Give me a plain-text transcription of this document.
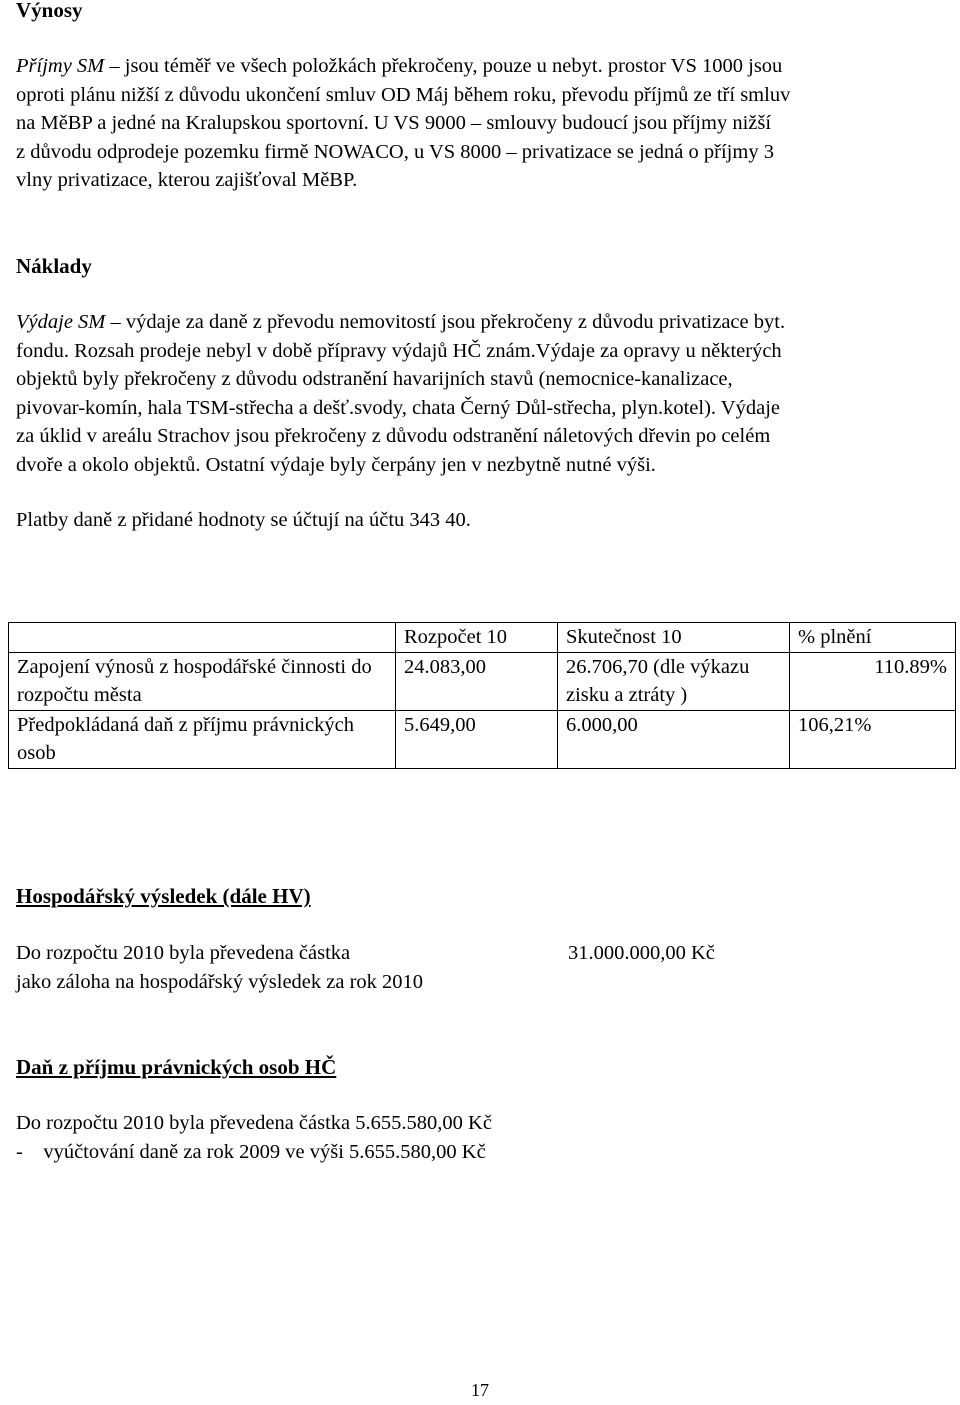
Výnosy

Příjmy SM – jsou téměř ve všech položkách překročeny, pouze u nebyt. prostor VS 1000 jsou

oproti plánu nižší z důvodu ukončení smluv OD Máj během roku, převodu příjmů ze tří smluv

na MěBP a jedné na Kralupskou sportovní. U VS 9000 – smlouvy budoucí jsou příjmy nižší

z důvodu odprodeje pozemku firmě NOWACO, u VS 8000 – privatizace se jedná o příjmy 3

vlny privatizace, kterou zajišťoval MěBP.

Náklady

Výdaje SM – výdaje za daně z převodu nemovitostí jsou překročeny z důvodu privatizace byt.

fondu. Rozsah prodeje nebyl v době přípravy výdajů HČ znám.Výdaje za opravy u některých

objektů byly překročeny z důvodu odstranění havarijních stavů (nemocnice-kanalizace,

pivovar-komín, hala TSM-střecha a dešť.svody, chata Černý Důl-střecha, plyn.kotel). Výdaje

za úklid v areálu Strachov jsou překročeny z důvodu odstranění náletových dřevin po celém

dvoře a okolo objektů. Ostatní výdaje byly čerpány jen v nezbytně nutné výši.

Platby daně z přidané hodnoty se účtují na účtu 343 40.

	Rozpočet 10	Skutečnost 10	% plnění
Zapojení výnosů z hospodářské činnosti do rozpočtu města	24.083,00	26.706,70 (dle výkazu zisku a ztráty )	110.89%
Předpokládaná daň z příjmu právnických osob	5.649,00	6.000,00	106,21%
Hospodářský výsledek (dále HV)

Do rozpočtu 2010 byla převedena částka

jako záloha na hospodářský výsledek za rok 2010

31.000.000,00 Kč
Daň z příjmu právnických osob HČ

Do rozpočtu 2010 byla převedena částka 5.655.580,00 Kč

-    vyúčtování daně za rok 2009 ve výši 5.655.580,00 Kč

17
